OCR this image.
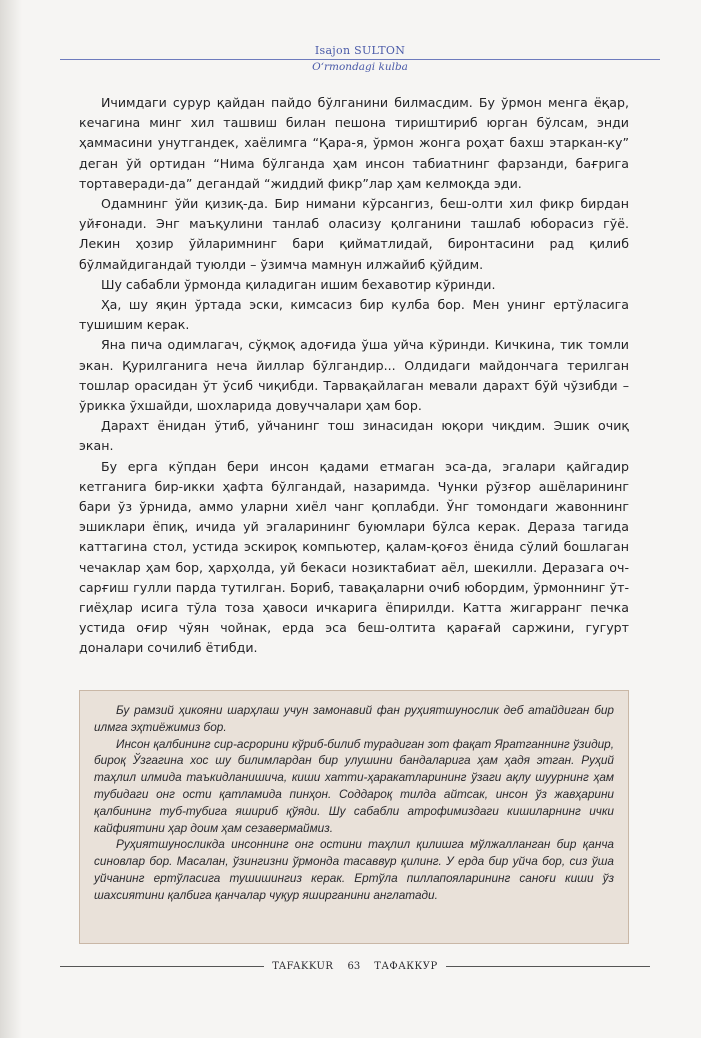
Isajon SULTON
O‘rmondagi kulba

Ичимдаги сурур қайдан пайдо бўлганини билмасдим. Бу ўрмон менга ёқар, кечагина минг хил ташвиш билан пешона тириштириб юрган бўлсам, энди ҳаммасини унутгандек, хаёлимга “Қара-я, ўрмон жонга роҳат бахш этаркан-ку” деган ўй ортидан “Нима бўлганда ҳам инсон табиатнинг фарзанди, бағрига тортаверади-да” дегандай “жиддий фикр”лар ҳам келмоқда эди.

Одамнинг ўйи қизиқ-да. Бир нимани кўрсангиз, беш-олти хил фикр бирдан уйғонади. Энг маъқулини танлаб оласизу қолганини ташлаб юборасиз гўё. Лекин ҳозир ўйларимнинг бари қийматлидай, биронтасини рад қилиб бўлмайдигандай туюлди – ўзимча мамнун илжайиб қўйдим.

Шу сабабли ўрмонда қиладиган ишим бехавотир кўринди.

Ҳа, шу яқин ўртада эски, кимсасиз бир кулба бор. Мен унинг ертўласига тушишим керак.

Яна пича одимлагач, сўқмоқ адоғида ўша уйча кўринди. Кичкина, тик томли экан. Қурилганига неча йиллар бўлгандир... Олдидаги майдончага терилган тошлар орасидан ўт ўсиб чиқибди. Тарвақайлаган мевали дарахт бўй чўзибди – ўрикка ўхшайди, шохларида довуччалари ҳам бор.

Дарахт ёнидан ўтиб, уйчанинг тош зинасидан юқори чиқдим. Эшик очиқ экан.

Бу ерга кўпдан бери инсон қадами етмаган эса-да, эгалари қайгадир кетганига бир-икки ҳафта бўлгандай, назаримда. Чунки рўзғор ашёларининг бари ўз ўрнида, аммо уларни хиёл чанг қоплабди. Ўнг томондаги жавоннинг эшиклари ёпиқ, ичида уй эгаларининг буюмлари бўлса керак. Дераза тагида каттагина стол, устида эскироқ компьютер, қалам-қоғоз ёнида сўлий бошлаган чечаклар ҳам бор, ҳарҳолда, уй бекаси нозиктабиат аёл, шекилли. Деразага оч-сарғиш гулли парда тутилган. Бориб, тавақаларни очиб юбордим, ўрмоннинг ўт-гиёҳлар исига тўла тоза ҳавоси ичкарига ёпирилди. Катта жигарранг печка устида оғир чўян чойнак, ерда эса беш-олтита қарағай саржини, гугурт доналари сочилиб ётибди.

Бу рамзий ҳикояни шарҳлаш учун замонавий фан руҳиятшунослик деб атайдиган бир илмга эҳтиёжимиз бор.

Инсон қалбининг сир-асрорини кўриб-билиб турадиган зот фақат Яратганнинг ўзидир, бироқ Ўзгагина хос шу билимлардан бир улушини бандаларига ҳам ҳадя этган. Руҳий таҳлил илмида таъкидланишича, киши хатти-ҳаракатларининг ўзаги ақлу шуурнинг ҳам тубидаги онг ости қатламида пинҳон. Соддароқ тилда айтсак, инсон ўз жавҳарини қалбининг туб-тубига яшириб қўяди. Шу сабабли атрофимиздаги кишиларнинг ички кайфиятини ҳар доим ҳам сезавермаймиз.

Руҳиятшуносликда инсоннинг онг остини таҳлил қилишга мўлжалланган бир қанча синовлар бор. Масалан, ўзингизни ўрмонда тасаввур қилинг. У ерда бир уйча бор, сиз ўша уйчанинг ертўласига тушишингиз керак. Ертўла пиллапояларининг саноғи киши ўз шахсиятини қалбига қанчалар чуқур яширганини англатади.

TAFAKKUR	63	ТАФАККУР
